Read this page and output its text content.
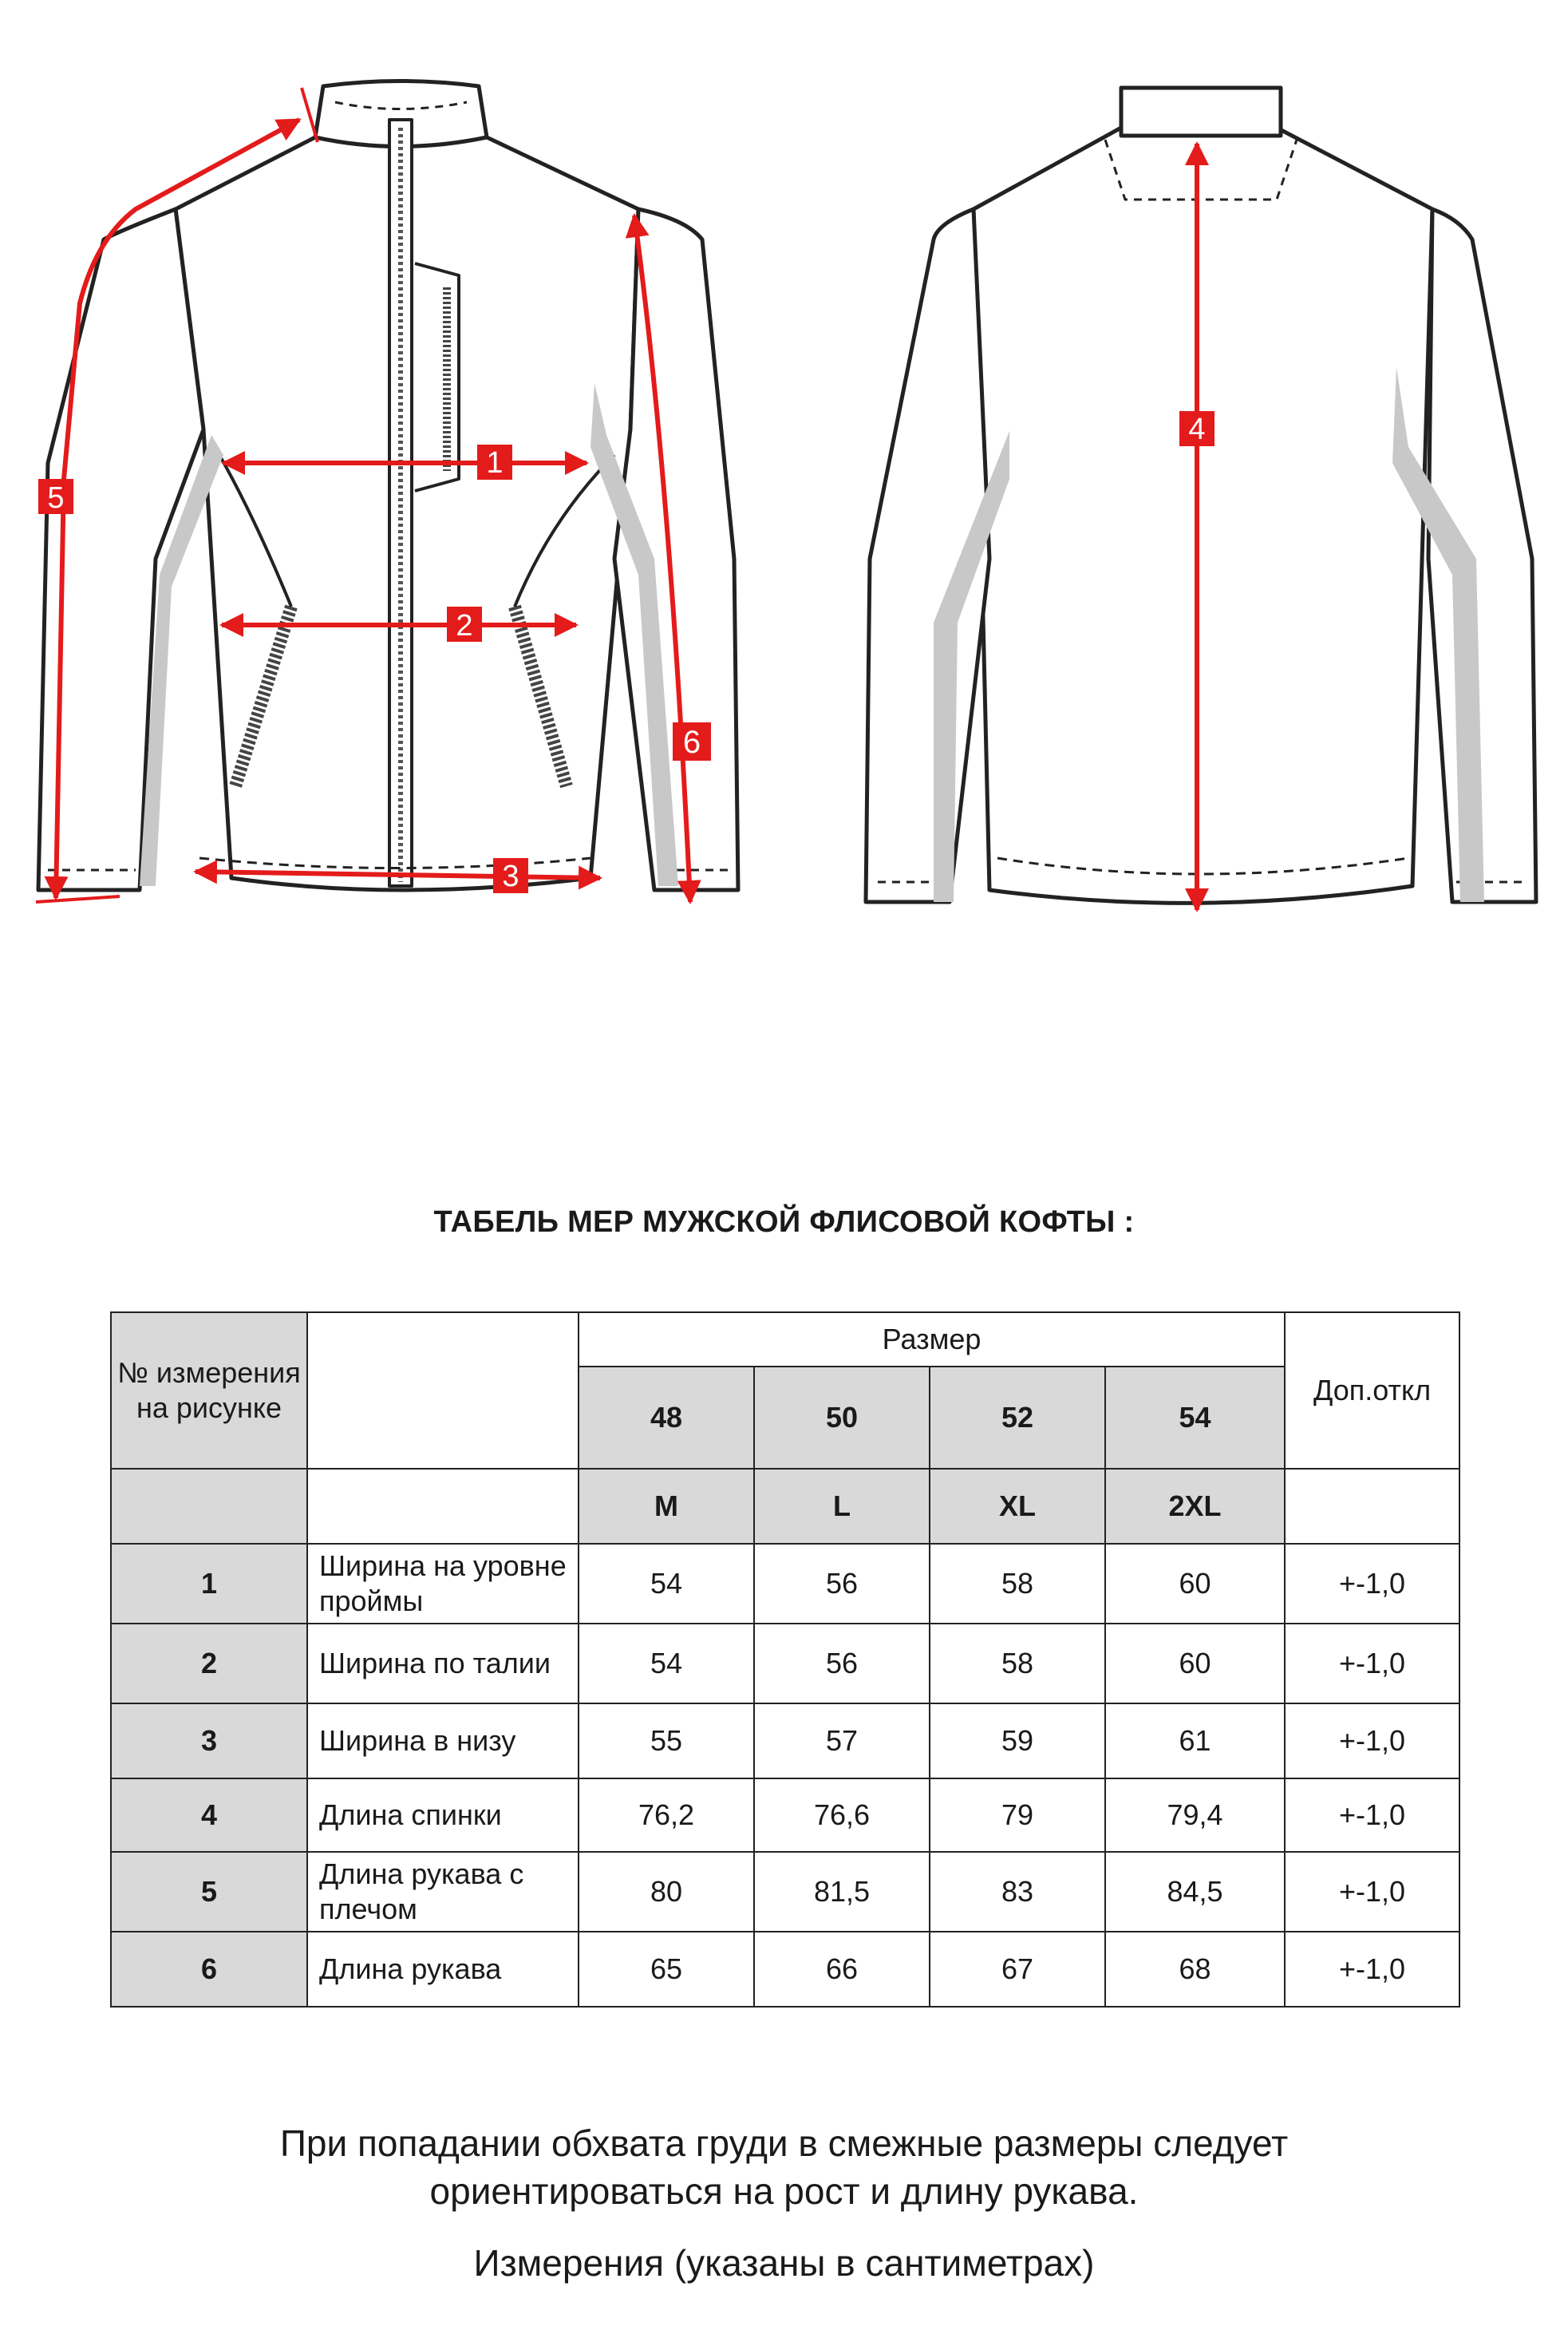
1
2
3
4
5
6
ТАБЕЛЬ МЕР МУЖСКОЙ ФЛИСОВОЙ КОФТЫ :
№ измерения на рисунке		Размер				Доп.откл
		48	50	52	54	
		M	L	XL	2XL	
1	Ширина на уровне проймы	54	56	58	60	+-1,0
2	Ширина по талии	54	56	58	60	+-1,0
3	Ширина в низу	55	57	59	61	+-1,0
4	Длина спинки	76,2	76,6	79	79,4	+-1,0
5	Длина рукава с плечом	80	81,5	83	84,5	+-1,0
6	Длина рукава	65	66	67	68	+-1,0
При попадании обхвата груди в смежные размеры следует
ориентироваться на рост и длину рукава.
Измерения (указаны в сантиметрах)
